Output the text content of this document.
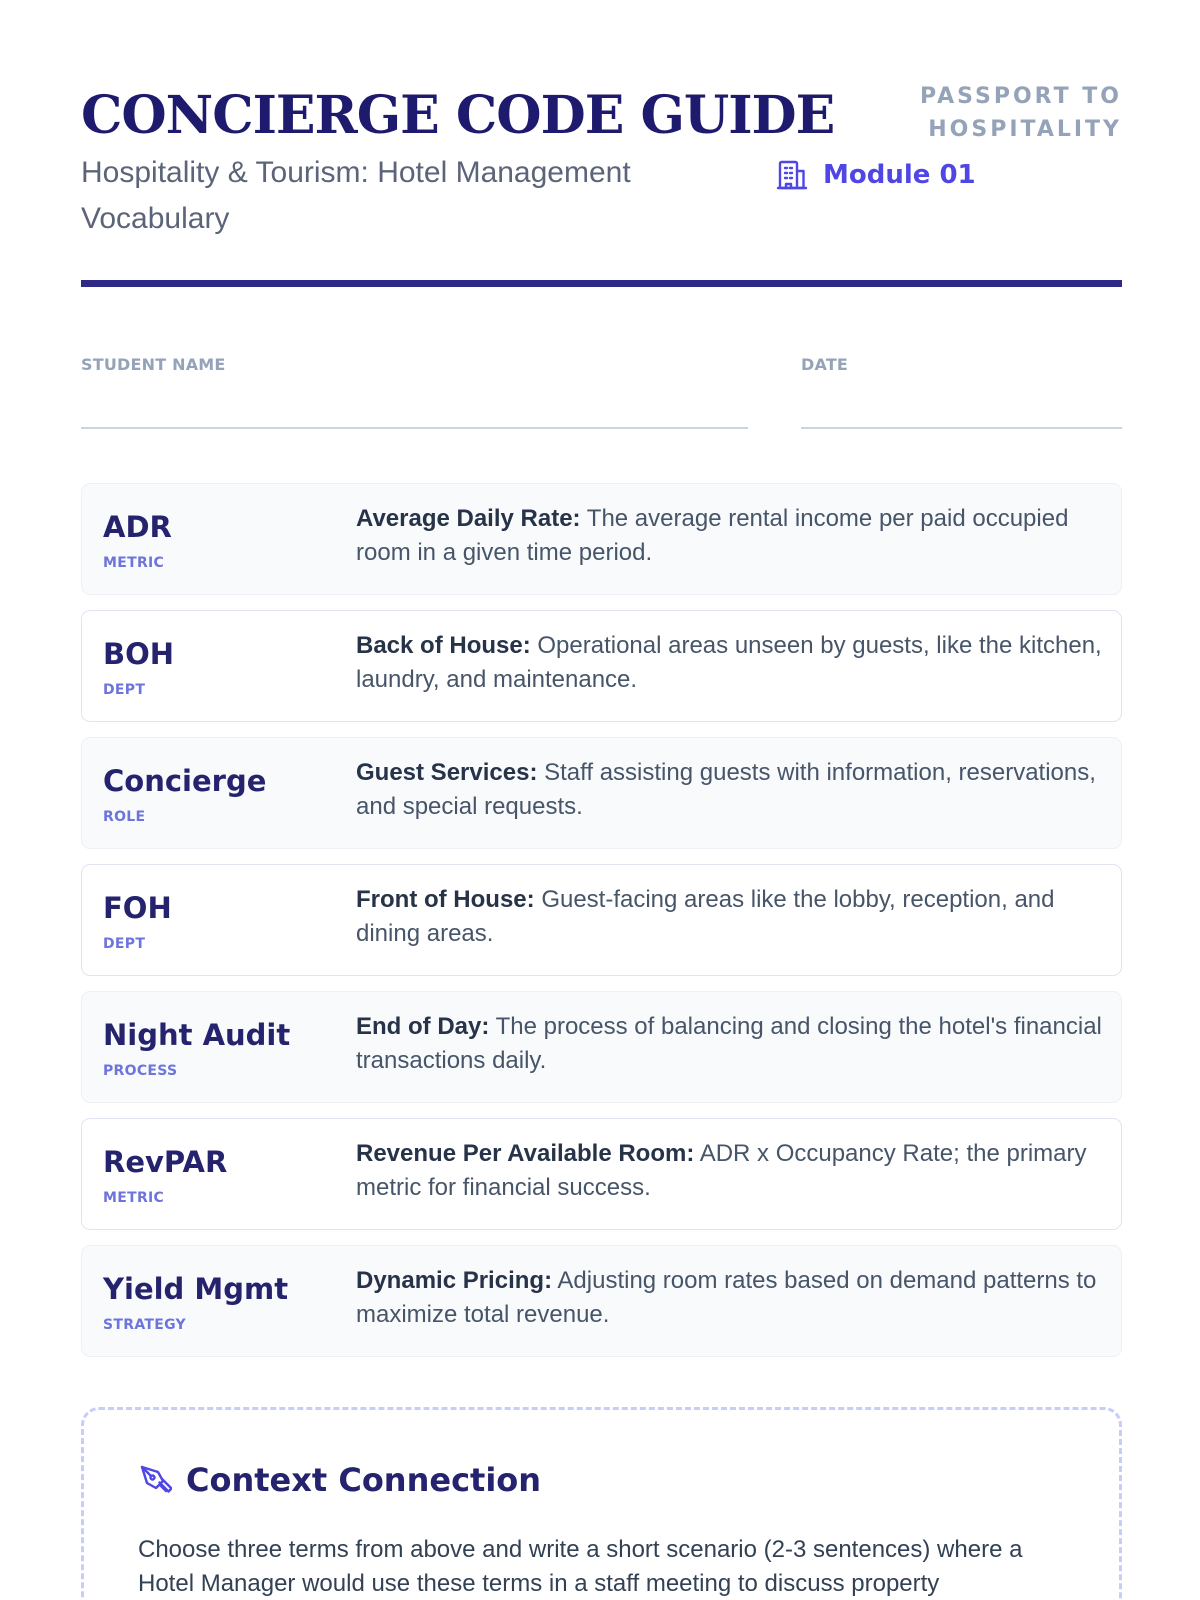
CONCIERGE CODE GUIDE
Hospitality & Tourism: Hotel Management Vocabulary
PASSPORT TO HOSPITALITY
Module 01
STUDENT NAME	DATE
ADR
METRIC

Average Daily Rate: The average rental income per paid occupied room in a given time period.

BOH
DEPT

Back of House: Operational areas unseen by guests, like the kitchen, laundry, and maintenance.

Concierge
ROLE

Guest Services: Staff assisting guests with information, reservations, and special requests.

FOH
DEPT

Front of House: Guest-facing areas like the lobby, reception, and dining areas.

Night Audit
PROCESS

End of Day: The process of balancing and closing the hotel's financial transactions daily.

RevPAR
METRIC

Revenue Per Available Room: ADR x Occupancy Rate; the primary metric for financial success.

Yield Mgmt
STRATEGY

Dynamic Pricing: Adjusting room rates based on demand patterns to maximize total revenue.

Context Connection

Choose three terms from above and write a short scenario (2-3 sentences) where a Hotel Manager would use these terms in a staff meeting to discuss property
